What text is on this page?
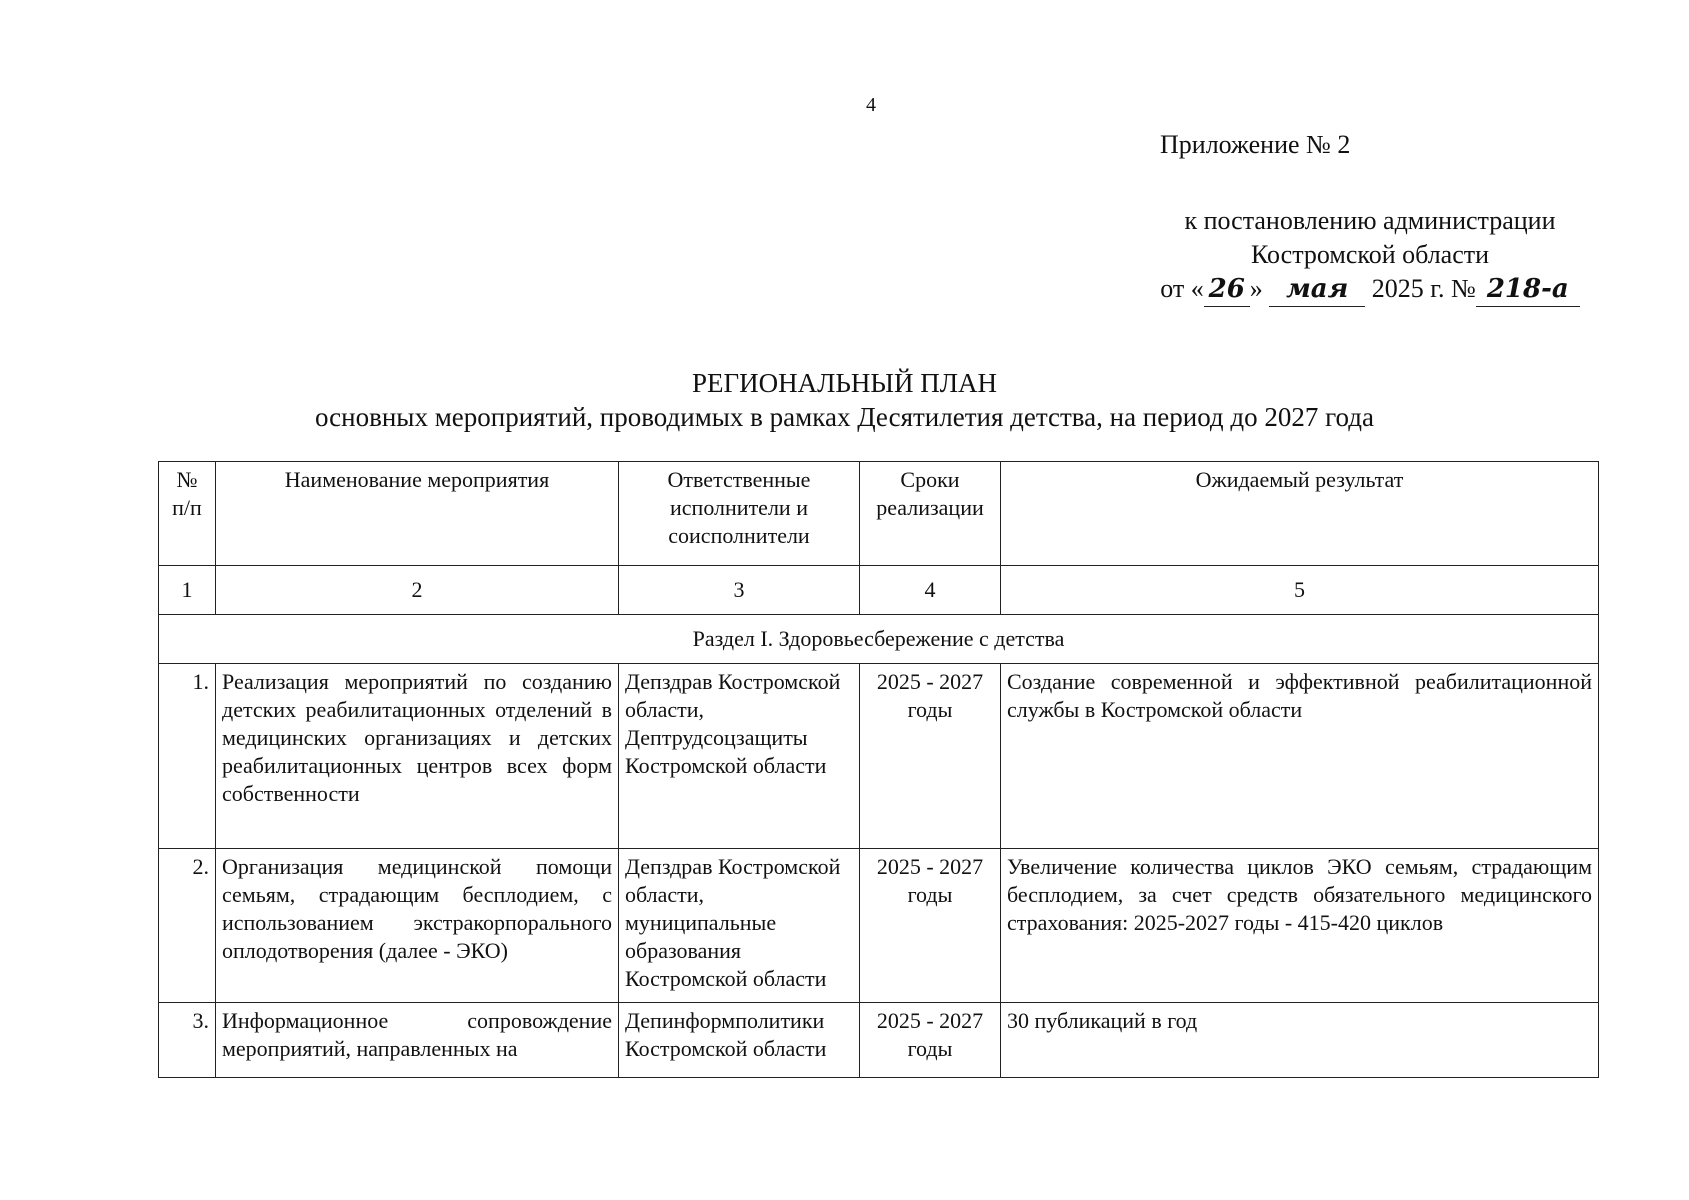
4
Приложение № 2
к постановлению администрации
Костромской области
от « 26 » мая 2025 г. № 218-а
РЕГИОНАЛЬНЫЙ ПЛАН
основных мероприятий, проводимых в рамках Десятилетия детства, на период до 2027 года
№ п/п	Наименование мероприятия	Ответственные исполнители и соисполнители	Сроки реализации	Ожидаемый результат
1	2	3	4	5
Раздел I. Здоровьесбережение с детства				
1.	Реализация мероприятий по созданию детских реабилитационных отделений в медицинских организациях и детских реабилитационных центров всех форм собственности	Депздрав Костромской области, Дептрудсоцзащиты Костромской области	2025 - 2027 годы	Создание современной и эффективной реабилитационной службы в Костромской области
2.	Организация медицинской помощи семьям, страдающим бесплодием, с использованием экстракорпорального оплодотворения (далее - ЭКО)	Депздрав Костромской области, муниципальные образования Костромской области	2025 - 2027 годы	Увеличение количества циклов ЭКО семьям, страдающим бесплодием, за счет средств обязательного медицинского страхования: 2025-2027 годы - 415-420 циклов
3.	Информационное сопровождение мероприятий, направленных на	Депинформполитики Костромской области	2025 - 2027 годы	30 публикаций в год
